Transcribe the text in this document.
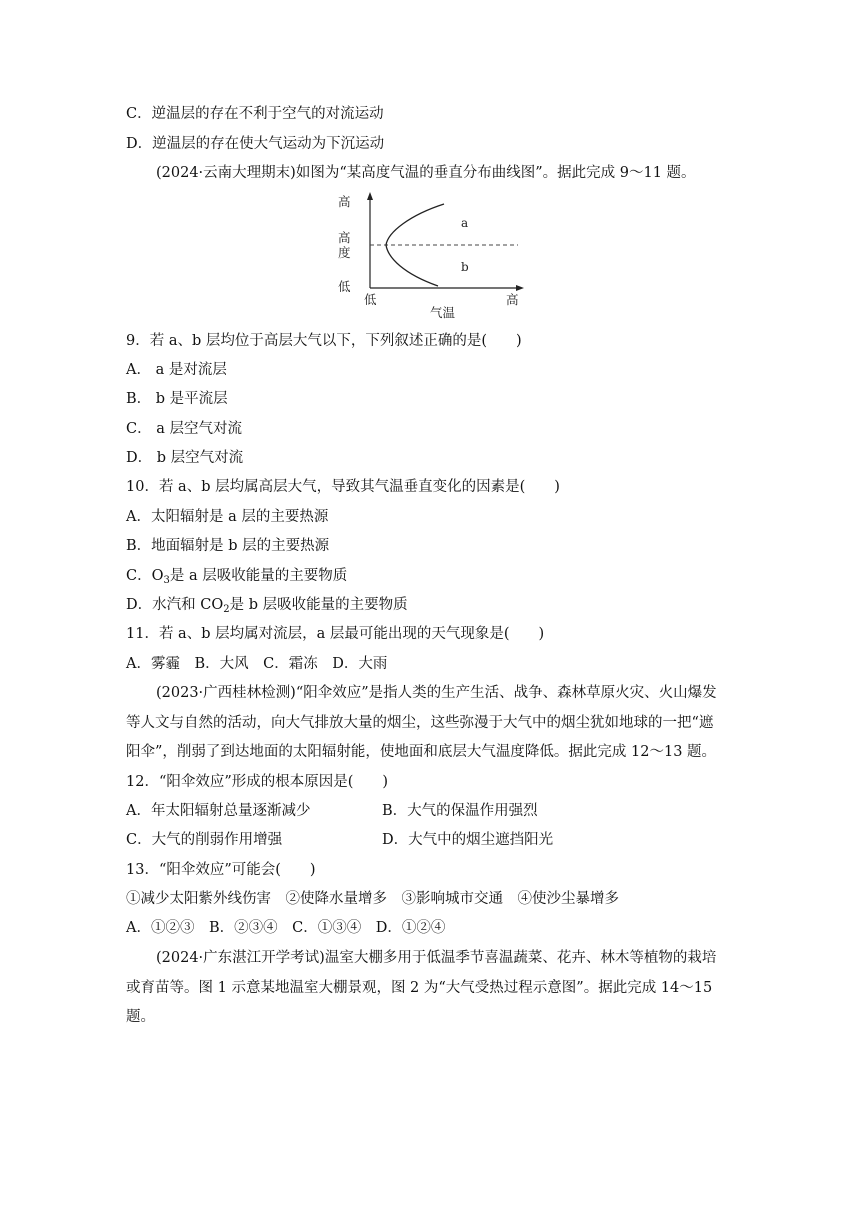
C．逆温层的存在不利于空气的对流运动
D．逆温层的存在使大气运动为下沉运动
(2024·云南大理期末)如图为“某高度气温的垂直分布曲线图”。据此完成 9～11 题。
高
高
度
低
低	高
气温
a
b
9．若 a、b 层均位于高层大气以下，下列叙述正确的是(　　)
A． a 是对流层
B． b 是平流层
C． a 层空气对流
D． b 层空气对流
10．若 a、b 层均属高层大气，导致其气温垂直变化的因素是(　　)
A．太阳辐射是 a 层的主要热源
B．地面辐射是 b 层的主要热源
C．$O_3$是 a 层吸收能量的主要物质
D．水汽和 $CO_2$是 b 层吸收能量的主要物质
11．若 a、b 层均属对流层，a 层最可能出现的天气现象是(　　)
A．雾霾　B．大风　C．霜冻　D．大雨
(2023·广西桂林检测)“阳伞效应”是指人类的生产生活、战争、森林草原火灾、火山爆发
等人文与自然的活动，向大气排放大量的烟尘，这些弥漫于大气中的烟尘犹如地球的一把“遮
阳伞”，削弱了到达地面的太阳辐射能，使地面和底层大气温度降低。据此完成 12～13 题。
12．“阳伞效应”形成的根本原因是(　　)
A．年太阳辐射总量逐渐减少	B．大气的保温作用强烈
C．大气的削弱作用增强	D．大气中的烟尘遮挡阳光
13．“阳伞效应”可能会(　　)
①减少太阳紫外线伤害　②使降水量增多　③影响城市交通　④使沙尘暴增多
A．①②③　B．②③④　C．①③④　D．①②④
(2024·广东湛江开学考试)温室大棚多用于低温季节喜温蔬菜、花卉、林木等植物的栽培
或育苗等。图 1 示意某地温室大棚景观，图 2 为“大气受热过程示意图”。据此完成 14～15
题。
